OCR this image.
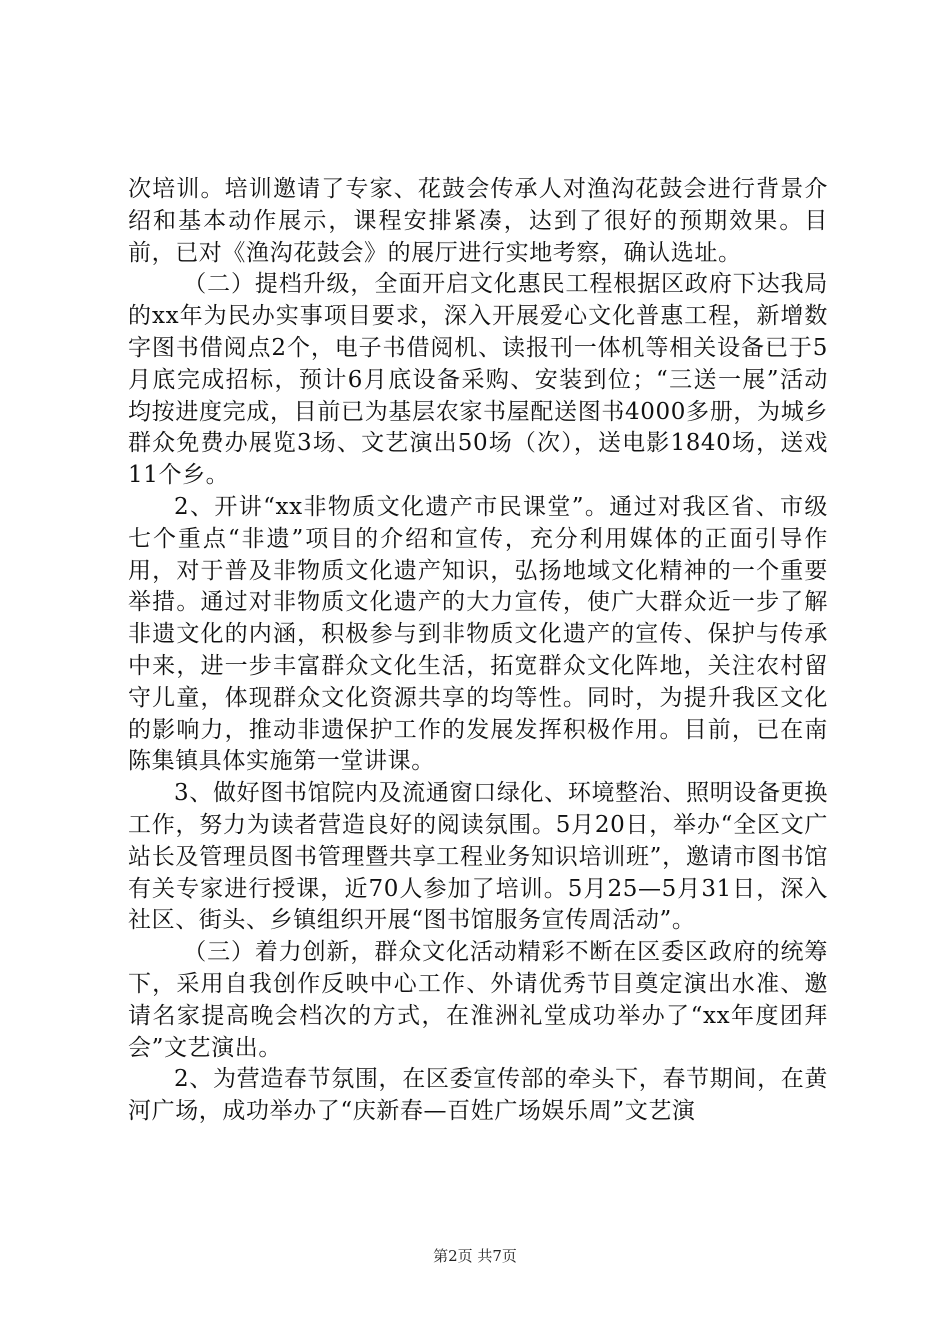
次培训。培训邀请了专家、花鼓会传承人对渔沟花鼓会进行背景介绍和基本动作展示，课程安排紧凑，达到了很好的预期效果。目前，已对《渔沟花鼓会》的展厅进行实地考察，确认选址。

（二）提档升级，全面开启文化惠民工程根据区政府下达我局的xx年为民办实事项目要求，深入开展爱心文化普惠工程，新增数字图书借阅点2个，电子书借阅机、读报刊一体机等相关设备已于5月底完成招标，预计6月底设备采购、安装到位；“三送一展”活动均按进度完成，目前已为基层农家书屋配送图书4000多册，为城乡群众免费办展览3场、文艺演出50场（次），送电影1840场，送戏11个乡。

2、开讲“xx非物质文化遗产市民课堂”。通过对我区省、市级七个重点“非遗”项目的介绍和宣传，充分利用媒体的正面引导作用，对于普及非物质文化遗产知识，弘扬地域文化精神的一个重要举措。通过对非物质文化遗产的大力宣传，使广大群众近一步了解非遗文化的内涵，积极参与到非物质文化遗产的宣传、保护与传承中来，进一步丰富群众文化生活，拓宽群众文化阵地，关注农村留守儿童，体现群众文化资源共享的均等性。同时，为提升我区文化的影响力，推动非遗保护工作的发展发挥积极作用。目前，已在南陈集镇具体实施第一堂讲课。

3、做好图书馆院内及流通窗口绿化、环境整治、照明设备更换工作，努力为读者营造良好的阅读氛围。5月20日，举办“全区文广站长及管理员图书管理暨共享工程业务知识培训班”，邀请市图书馆有关专家进行授课，近70人参加了培训。5月25—5月31日，深入社区、街头、乡镇组织开展“图书馆服务宣传周活动”。

（三）着力创新，群众文化活动精彩不断在区委区政府的统筹下，采用自我创作反映中心工作、外请优秀节目奠定演出水准、邀请名家提高晚会档次的方式，在淮洲礼堂成功举办了“xx年度团拜会”文艺演出。

2、为营造春节氛围，在区委宣传部的牵头下，春节期间，在黄河广场，成功举办了“庆新春—百姓广场娱乐周”文艺演

第2页 共7页
